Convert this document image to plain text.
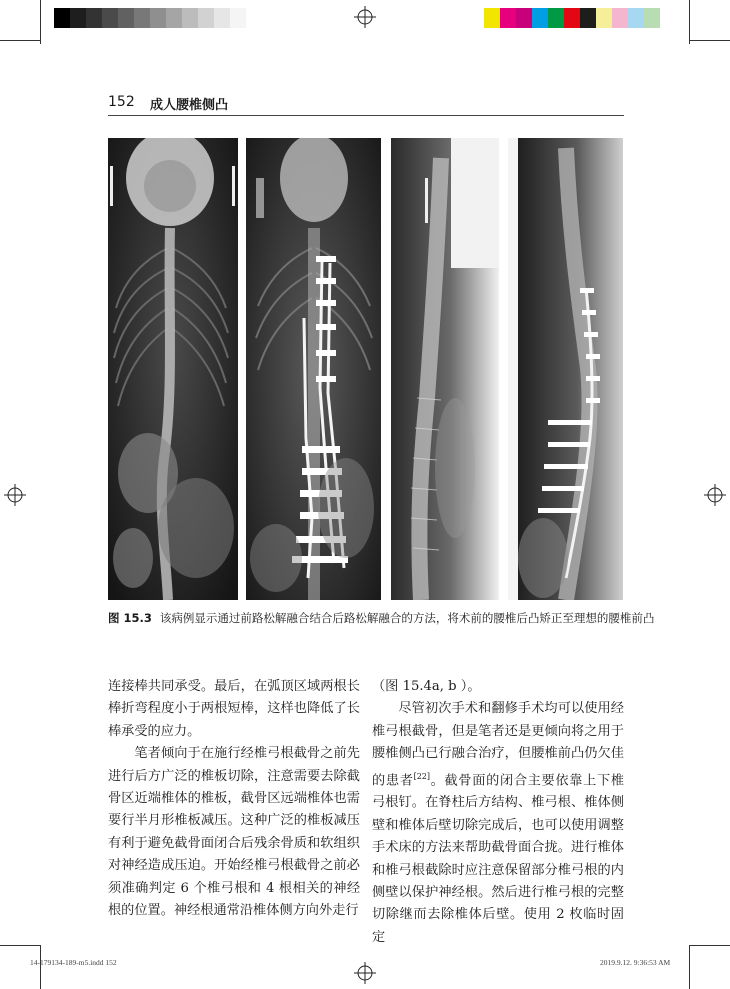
152 成人腰椎侧凸
图 15.3 该病例显示通过前路松解融合结合后路松解融合的方法，将术前的腰椎后凸矫正至理想的腰椎前凸

连接棒共同承受。最后，在弧顶区域两根长棒折弯程度小于两根短棒，这样也降低了长棒承受的应力。

笔者倾向于在施行经椎弓根截骨之前先进行后方广泛的椎板切除，注意需要去除截骨区近端椎体的椎板，截骨区远端椎体也需要行半月形椎板减压。这种广泛的椎板减压有利于避免截骨面闭合后残余骨质和软组织对神经造成压迫。开始经椎弓根截骨之前必须准确判定 6 个椎弓根和 4 根相关的神经根的位置。神经根通常沿椎体侧方向外走行

（图 15.4a, b ）。

尽管初次手术和翻修手术均可以使用经椎弓根截骨，但是笔者还是更倾向将之用于腰椎侧凸已行融合治疗，但腰椎前凸仍欠佳的患者[22]。截骨面的闭合主要依靠上下椎弓根钉。在脊柱后方结构、椎弓根、椎体侧壁和椎体后壁切除完成后，也可以使用调整手术床的方法来帮助截骨面合拢。进行椎体和椎弓根截除时应注意保留部分椎弓根的内侧壁以保护神经根。然后进行椎弓根的完整切除继而去除椎体后壁。使用 2 枚临时固定

14-179134-189-m5.indd 152	2019.9.12. 9:36:53 AM
